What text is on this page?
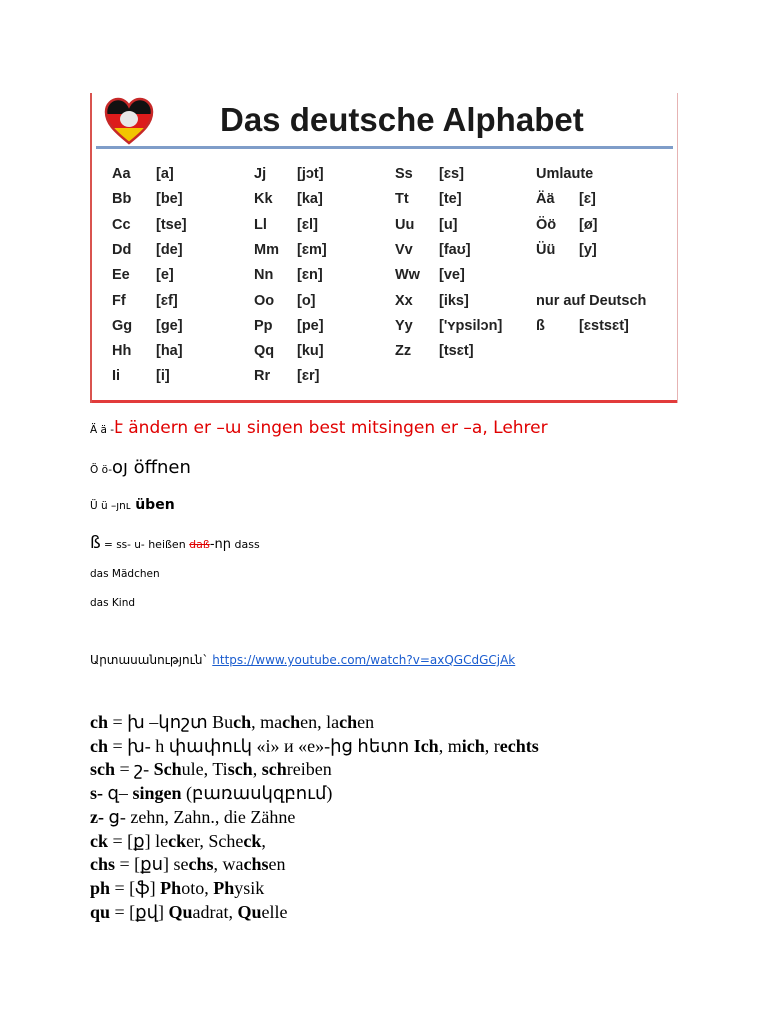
Das deutsche Alphabet
Aa [a]
Bb [be]
Cc [tse]
Dd [de]
Ee [e]
Ff [ɛf]
Gg [ge]
Hh [ha]
Ii [i]
Jj [jɔt]
Kk [ka]
Ll [ɛl]
Mm [ɛm]
Nn [ɛn]
Oo [o]
Pp [pe]
Qq [ku]
Rr [ɛr]
Ss [ɛs]
Tt [te]
Uu [u]
Vv [faʊ]
Ww [ve]
Xx [iks]
Yy ['ʏpsilɔn]
Zz [tsɛt]
Umlaute
Ää [ɛ]
Öö [ø]
Üü [y]
nur auf Deutsch
ß [ɛstsɛt]
Ä ä -է ändern er –ա singen best mitsingen er –a, Lehrer
Ö ö-օյ öffnen
Ü ü –յու üben
ß = ss- ս- heißen daß-որ dass
das Mädchen
das Kind
Արտասանություն` https://www.youtube.com/watch?v=axQGCdGCjAk
ch = խ –կոշտ Buch, machen, lachen
ch = խ- h փափուկ «i» и «e»-ից հետո Ich, mich, rechts
sch = շ- Schule, Tisch, schreiben
s- զ– singen (բառասկզբում)
z- ց- zehn, Zahn., die Zähne
ck = [ք] lecker, Scheck,
chs = [քս] sechs, wachsen
ph = [ֆ] Photo, Physik
qu = [քվ] Quadrat, Quelle
